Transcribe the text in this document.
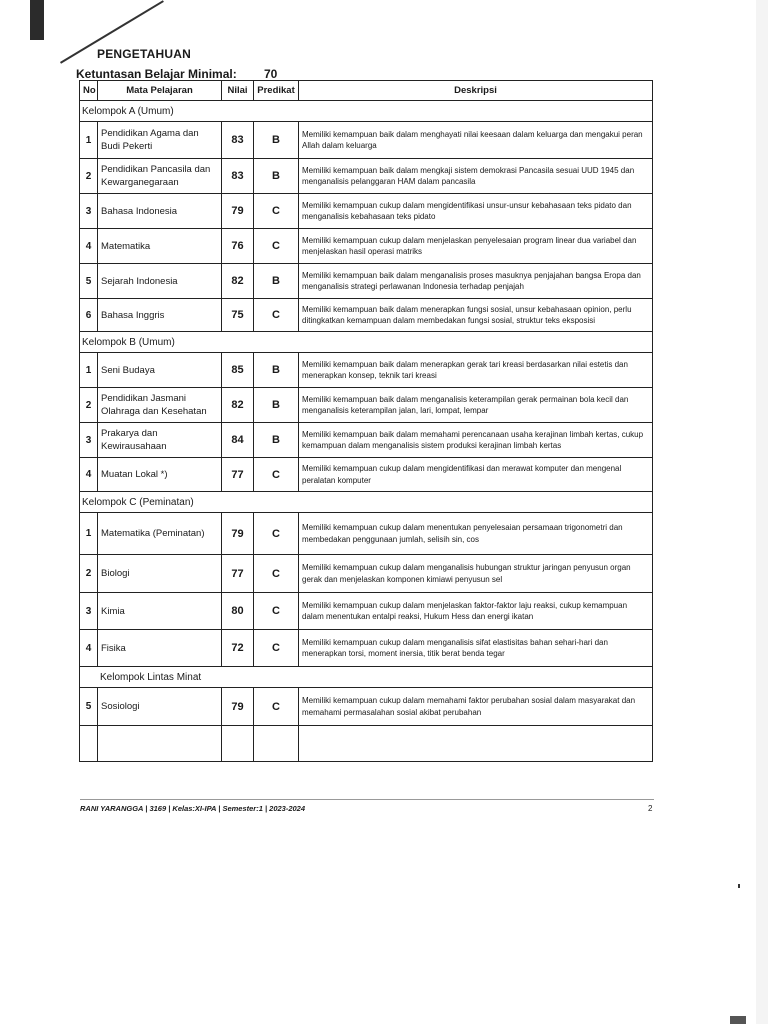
PENGETAHUAN
Ketuntasan Belajar Minimal: 70
No	Mata Pelajaran	Nilai	Predikat	Deskripsi
Kelompok A (Umum)				
1	Pendidikan Agama dan Budi Pekerti	83	B	Memiliki kemampuan baik dalam menghayati nilai keesaan dalam keluarga dan mengakui peran Allah dalam keluarga
2	Pendidikan Pancasila dan Kewarganegaraan	83	B	Memiliki kemampuan baik dalam mengkaji sistem demokrasi Pancasila sesuai UUD 1945 dan menganalisis pelanggaran HAM dalam pancasila
3	Bahasa Indonesia	79	C	Memiliki kemampuan cukup dalam mengidentifikasi unsur-unsur kebahasaan teks pidato dan menganalisis kebahasaan teks pidato
4	Matematika	76	C	Memiliki kemampuan cukup dalam menjelaskan penyelesaian program linear dua variabel dan menjelaskan hasil operasi matriks
5	Sejarah Indonesia	82	B	Memiliki kemampuan baik dalam menganalisis proses masuknya penjajahan bangsa Eropa dan menganalisis strategi perlawanan Indonesia terhadap penjajah
6	Bahasa Inggris	75	C	Memiliki kemampuan baik dalam menerapkan fungsi sosial, unsur kebahasaan opinion, perlu ditingkatkan kemampuan dalam membedakan fungsi sosial, struktur teks eksposisi
Kelompok B (Umum)				
1	Seni Budaya	85	B	Memiliki kemampuan baik dalam menerapkan gerak tari kreasi berdasarkan nilai estetis dan menerapkan konsep, teknik tari kreasi
2	Pendidikan Jasmani Olahraga dan Kesehatan	82	B	Memiliki kemampuan baik dalam menganalisis keterampilan gerak permainan bola kecil dan menganalisis keterampilan jalan, lari, lompat, lempar
3	Prakarya dan Kewirausahaan	84	B	Memiliki kemampuan baik dalam memahami perencanaan usaha kerajinan limbah kertas, cukup kemampuan dalam menganalisis sistem produksi kerajinan limbah kertas
4	Muatan Lokal *)	77	C	Memiliki kemampuan cukup dalam mengidentifikasi dan merawat komputer dan mengenal peralatan komputer
Kelompok C (Peminatan)				
1	Matematika (Peminatan)	79	C	Memiliki kemampuan cukup dalam menentukan penyelesaian persamaan trigonometri dan membedakan penggunaan jumlah, selisih sin, cos
2	Biologi	77	C	Memiliki kemampuan cukup dalam menganalisis hubungan struktur jaringan penyusun organ gerak dan menjelaskan komponen kimiawi penyusun sel
3	Kimia	80	C	Memiliki kemampuan cukup dalam menjelaskan faktor-faktor laju reaksi, cukup kemampuan dalam menentukan entalpi reaksi, Hukum Hess dan energi ikatan
4	Fisika	72	C	Memiliki kemampuan cukup dalam menganalisis sifat elastisitas bahan sehari-hari dan menerapkan torsi, moment inersia, titik berat benda tegar
Kelompok Lintas Minat				
5	Sosiologi	79	C	Memiliki kemampuan cukup dalam memahami faktor perubahan sosial dalam masyarakat dan memahami permasalahan sosial akibat perubahan

RANI YARANGGA | 3169 | Kelas:XI-IPA | Semester:1 | 2023-2024	2
